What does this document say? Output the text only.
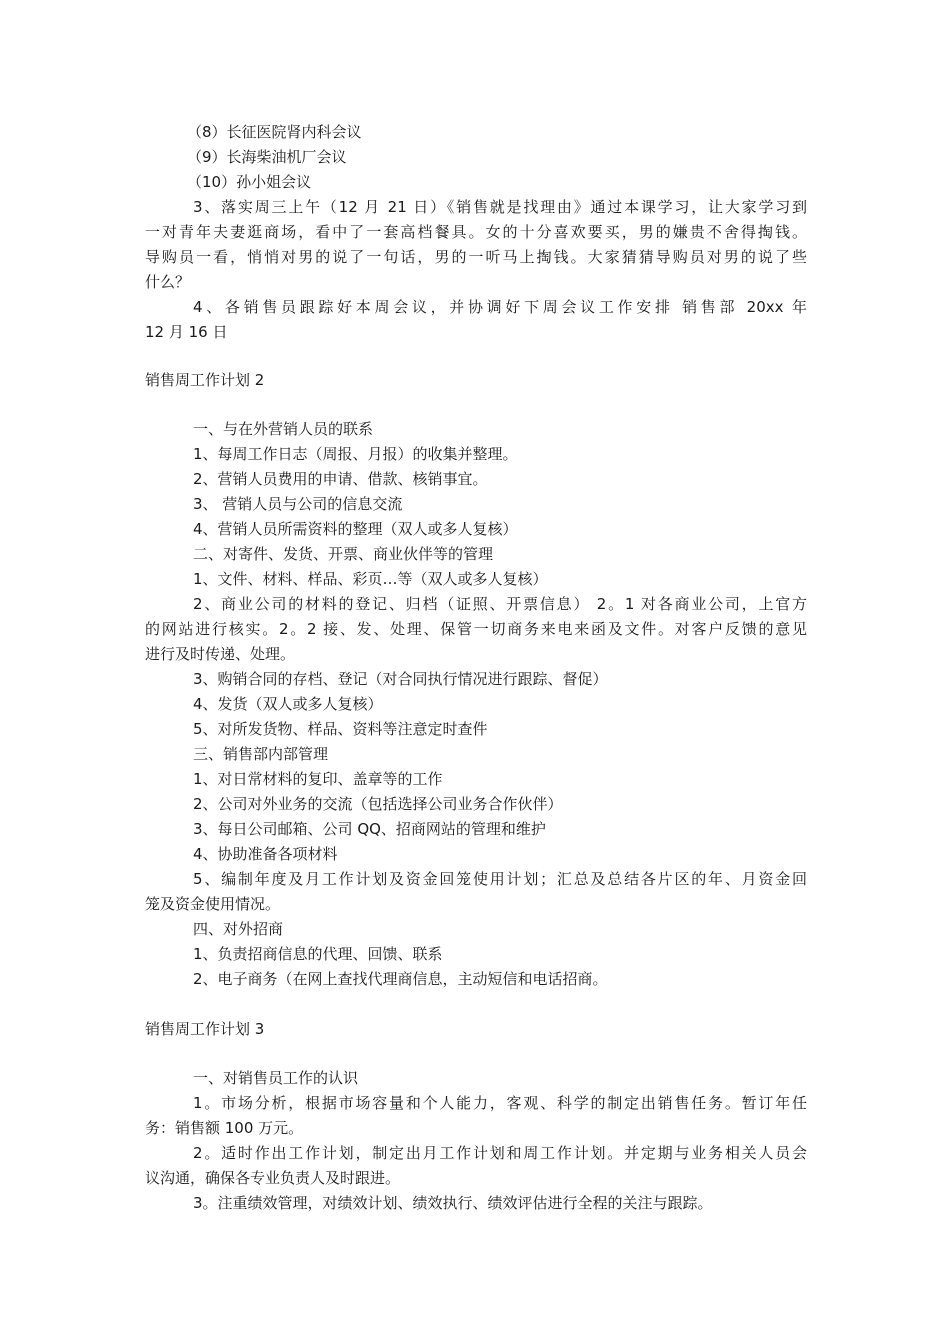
（8）长征医院肾内科会议
（9）长海柴油机厂会议
（10）孙小姐会议
3、落实周三上午（12 月 21 日）《销售就是找理由》通过本课学习，让大家学习到
一对青年夫妻逛商场，看中了一套高档餐具。女的十分喜欢要买，男的嫌贵不舍得掏钱。
导购员一看，悄悄对男的说了一句话，男的一听马上掏钱。大家猜猜导购员对男的说了些
什么？
4、各销售员跟踪好本周会议，并协调好下周会议工作安排 销售部 20xx 年
12 月 16 日
销售周工作计划 2
一、与在外营销人员的联系
1、每周工作日志（周报、月报）的收集并整理。
2、营销人员费用的申请、借款、核销事宜。
3、 营销人员与公司的信息交流
4、营销人员所需资料的整理（双人或多人复核）
二、对寄件、发货、开票、商业伙伴等的管理
1、文件、材料、样品、彩页…等（双人或多人复核）
2、商业公司的材料的登记、归档（证照、开票信息） 2。1 对各商业公司，上官方
的网站进行核实。2。2 接、发、处理、保管一切商务来电来函及文件。对客户反馈的意见
进行及时传递、处理。
3、购销合同的存档、登记（对合同执行情况进行跟踪、督促）
4、发货（双人或多人复核）
5、对所发货物、样品、资料等注意定时查件
三、销售部内部管理
1、对日常材料的复印、盖章等的工作
2、公司对外业务的交流（包括选择公司业务合作伙伴）
3、每日公司邮箱、公司 QQ、招商网站的管理和维护
4、协助准备各项材料
5、编制年度及月工作计划及资金回笼使用计划；汇总及总结各片区的年、月资金回
笼及资金使用情况。
四、对外招商
1、负责招商信息的代理、回馈、联系
2、电子商务（在网上查找代理商信息，主动短信和电话招商。
销售周工作计划 3
一、对销售员工作的认识
1。市场分析，根据市场容量和个人能力，客观、科学的制定出销售任务。暂订年任
务：销售额 100 万元。
2。适时作出工作计划，制定出月工作计划和周工作计划。并定期与业务相关人员会
议沟通，确保各专业负责人及时跟进。
3。注重绩效管理，对绩效计划、绩效执行、绩效评估进行全程的关注与跟踪。
